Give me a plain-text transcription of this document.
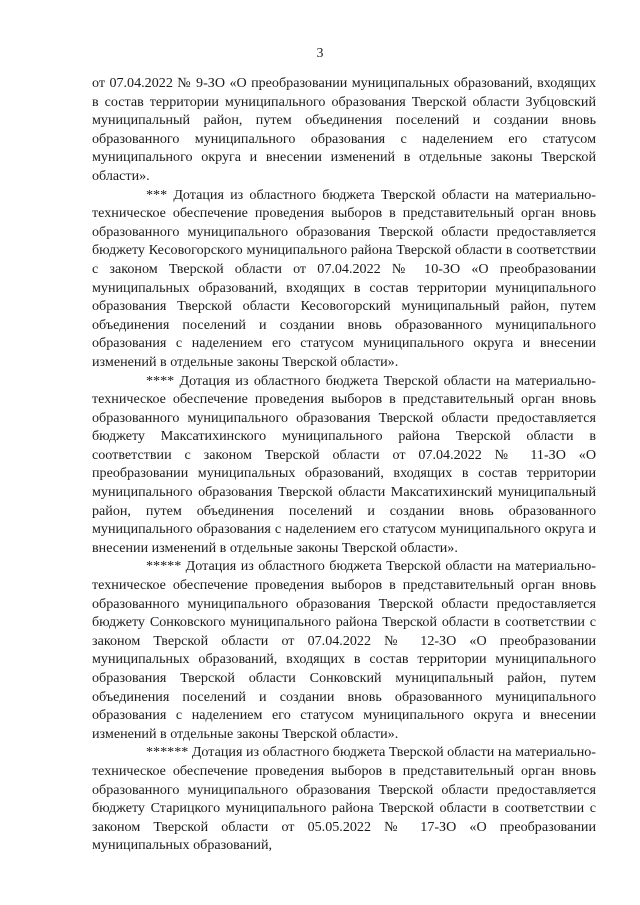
3

от 07.04.2022 № 9-ЗО «О преобразовании муниципальных образований, входящих в состав территории муниципального образования Тверской области Зубцовский муниципальный район, путем объединения поселений и создании вновь образованного муниципального образования с наделением его статусом муниципального округа и внесении изменений в отдельные законы Тверской области».

*** Дотация из областного бюджета Тверской области на материально-техническое обеспечение проведения выборов в представительный орган вновь образованного муниципального образования Тверской области предоставляется бюджету Кесовогорского муниципального района Тверской области в соответствии с законом Тверской области от 07.04.2022 № 10-ЗО «О преобразовании муниципальных образований, входящих в состав территории муниципального образования Тверской области Кесовогорский муниципальный район, путем объединения поселений и создании вновь образованного муниципального образования с наделением его статусом муниципального округа и внесении изменений в отдельные законы Тверской области».

**** Дотация из областного бюджета Тверской области на материально-техническое обеспечение проведения выборов в представительный орган вновь образованного муниципального образования Тверской области предоставляется бюджету Максатихинского муниципального района Тверской области в соответствии с законом Тверской области от 07.04.2022 № 11-ЗО «О преобразовании муниципальных образований, входящих в состав территории муниципального образования Тверской области Максатихинский муниципальный район, путем объединения поселений и создании вновь образованного муниципального образования с наделением его статусом муниципального округа и внесении изменений в отдельные законы Тверской области».

***** Дотация из областного бюджета Тверской области на материально-техническое обеспечение проведения выборов в представительный орган вновь образованного муниципального образования Тверской области предоставляется бюджету Сонковского муниципального района Тверской области в соответствии с законом Тверской области от 07.04.2022 № 12-ЗО «О преобразовании муниципальных образований, входящих в состав территории муниципального образования Тверской области Сонковский муниципальный район, путем объединения поселений и создании вновь образованного муниципального образования с наделением его статусом муниципального округа и внесении изменений в отдельные законы Тверской области».

****** Дотация из областного бюджета Тверской области на материально-техническое обеспечение проведения выборов в представительный орган вновь образованного муниципального образования Тверской области предоставляется бюджету Старицкого муниципального района Тверской области в соответствии с законом Тверской области от 05.05.2022 № 17-ЗО «О преобразовании муниципальных образований,
